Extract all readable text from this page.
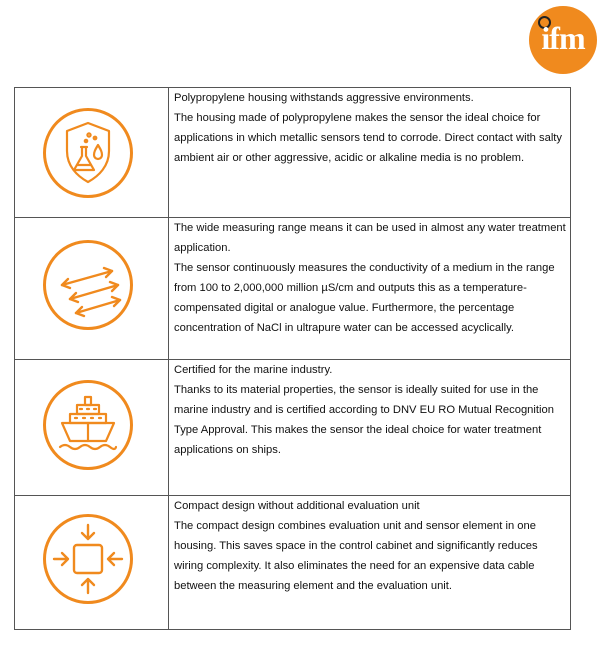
ifm

Polypropylene housing withstands aggressive environments.

The housing made of polypropylene makes the sensor the ideal choice for applications in which metallic sensors tend to corrode. Direct contact with salty ambient air or other aggressive, acidic or alkaline media is no problem.

The wide measuring range means it can be used in almost any water treatment application.

The sensor continuously measures the conductivity of a medium in the range from 100 to 2,000,000 million µS/cm and outputs this as a temperature-compensated digital or analogue value. Furthermore, the percentage concentration of NaCl in ultrapure water can be accessed acyclically.

Certified for the marine industry.

Thanks to its material properties, the sensor is ideally suited for use in the marine industry and is certified according to DNV EU RO Mutual Recognition Type Approval. This makes the sensor the ideal choice for water treatment applications on ships.

Compact design without additional evaluation unit

The compact design combines evaluation unit and sensor element in one housing. This saves space in the control cabinet and significantly reduces wiring complexity. It also eliminates the need for an expensive data cable between the measuring element and the evaluation unit.
